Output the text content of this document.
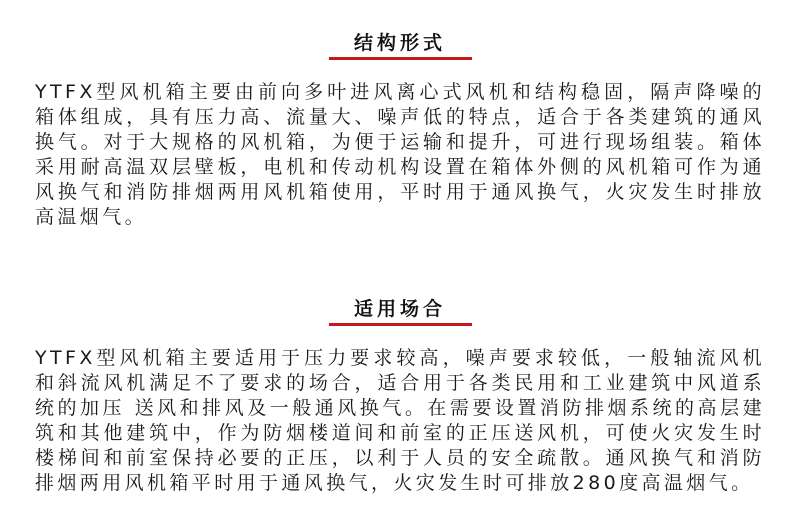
结构形式

YTFX型风机箱主要由前向多叶进风离心式风机和结构稳固，隔声降噪的箱体组成，具有压力高、流量大、噪声低的特点，适合于各类建筑的通风换气。对于大规格的风机箱，为便于运输和提升，可进行现场组装。箱体采用耐高温双层壁板，电机和传动机构设置在箱体外侧的风机箱可作为通风换气和消防排烟两用风机箱使用，平时用于通风换气，火灾发生时排放高温烟气。

适用场合

YTFX型风机箱主要适用于压力要求较高，噪声要求较低，一般轴流风机和斜流风机满足不了要求的场合，适合用于各类民用和工业建筑中风道系统的加压 送风和排风及一般通风换气。在需要设置消防排烟系统的高层建筑和其他建筑中，作为防烟楼道间和前室的正压送风机，可使火灾发生时楼梯间和前室保持必要的正压，以利于人员的安全疏散。通风换气和消防排烟两用风机箱平时用于通风换气，火灾发生时可排放280度高温烟气。
